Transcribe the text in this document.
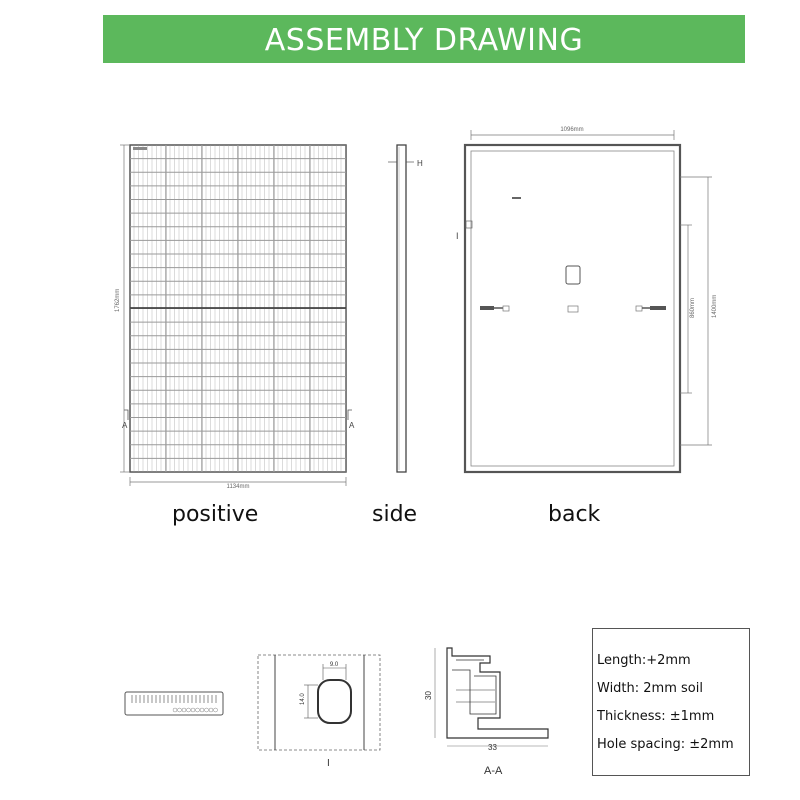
ASSEMBLY DRAWING
1762mm
1134mm
A	A
H
I
1096mm
860mm	1400mm
9.0
14.0
I
30
33
A-A
positive	side	back
Length:+2mm
Width: 2mm soil
Thickness: ±1mm
Hole spacing: ±2mm
